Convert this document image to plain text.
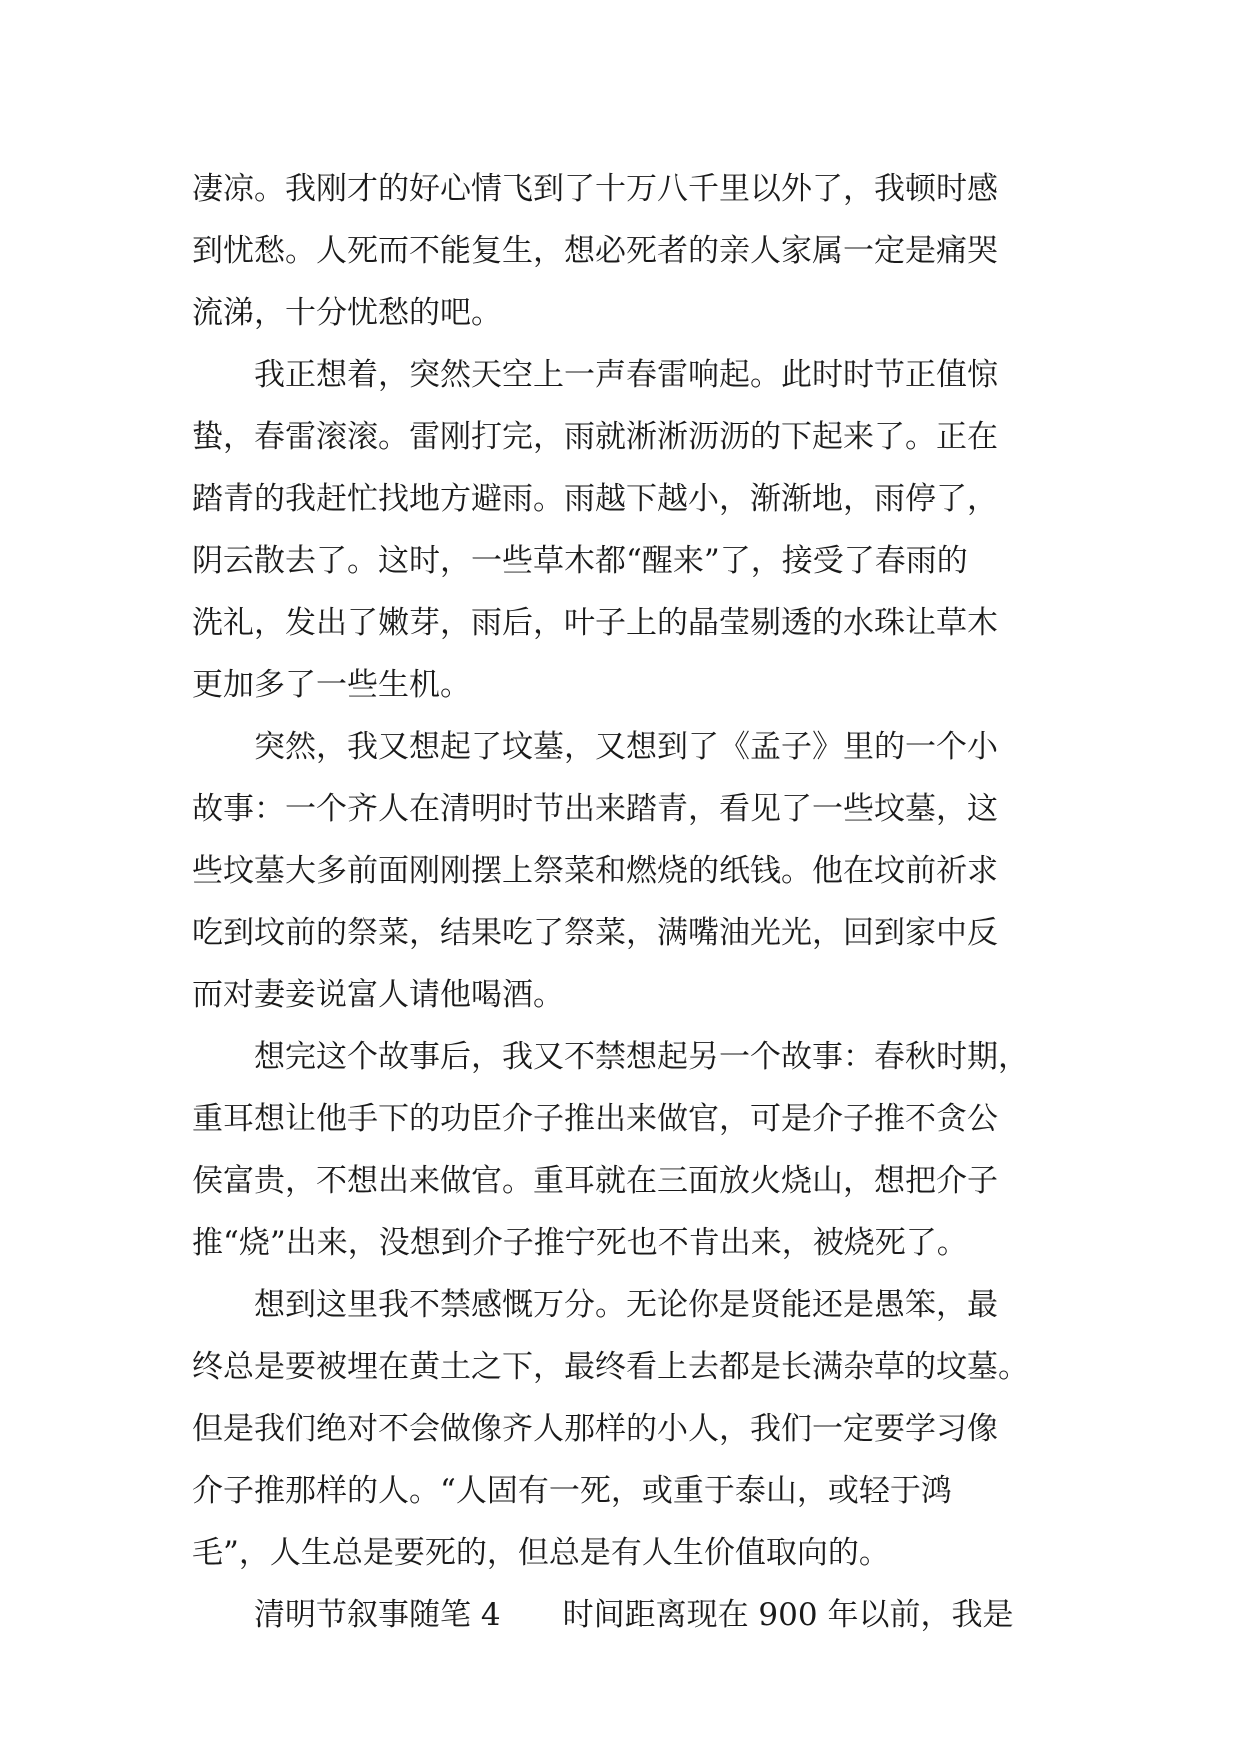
凄凉。我刚才的好心情飞到了十万八千里以外了，我顿时感
到忧愁。人死而不能复生，想必死者的亲人家属一定是痛哭
流涕，十分忧愁的吧。
　　我正想着，突然天空上一声春雷响起。此时时节正值惊
蛰，春雷滚滚。雷刚打完，雨就淅淅沥沥的下起来了。正在
踏青的我赶忙找地方避雨。雨越下越小，渐渐地，雨停了，
阴云散去了。这时，一些草木都“醒来”了，接受了春雨的
洗礼，发出了嫩芽，雨后，叶子上的晶莹剔透的水珠让草木
更加多了一些生机。
　　突然，我又想起了坟墓，又想到了《孟子》里的一个小
故事：一个齐人在清明时节出来踏青，看见了一些坟墓，这
些坟墓大多前面刚刚摆上祭菜和燃烧的纸钱。他在坟前祈求
吃到坟前的祭菜，结果吃了祭菜，满嘴油光光，回到家中反
而对妻妾说富人请他喝酒。
　　想完这个故事后，我又不禁想起另一个故事：春秋时期，
重耳想让他手下的功臣介子推出来做官，可是介子推不贪公
侯富贵，不想出来做官。重耳就在三面放火烧山，想把介子
推“烧”出来，没想到介子推宁死也不肯出来，被烧死了。
　　想到这里我不禁感慨万分。无论你是贤能还是愚笨，最
终总是要被埋在黄土之下，最终看上去都是长满杂草的坟墓。
但是我们绝对不会做像齐人那样的小人，我们一定要学习像
介子推那样的人。“人固有一死，或重于泰山，或轻于鸿
毛”，人生总是要死的，但总是有人生价值取向的。
　　清明节叙事随笔 4　　时间距离现在 900 年以前，我是
